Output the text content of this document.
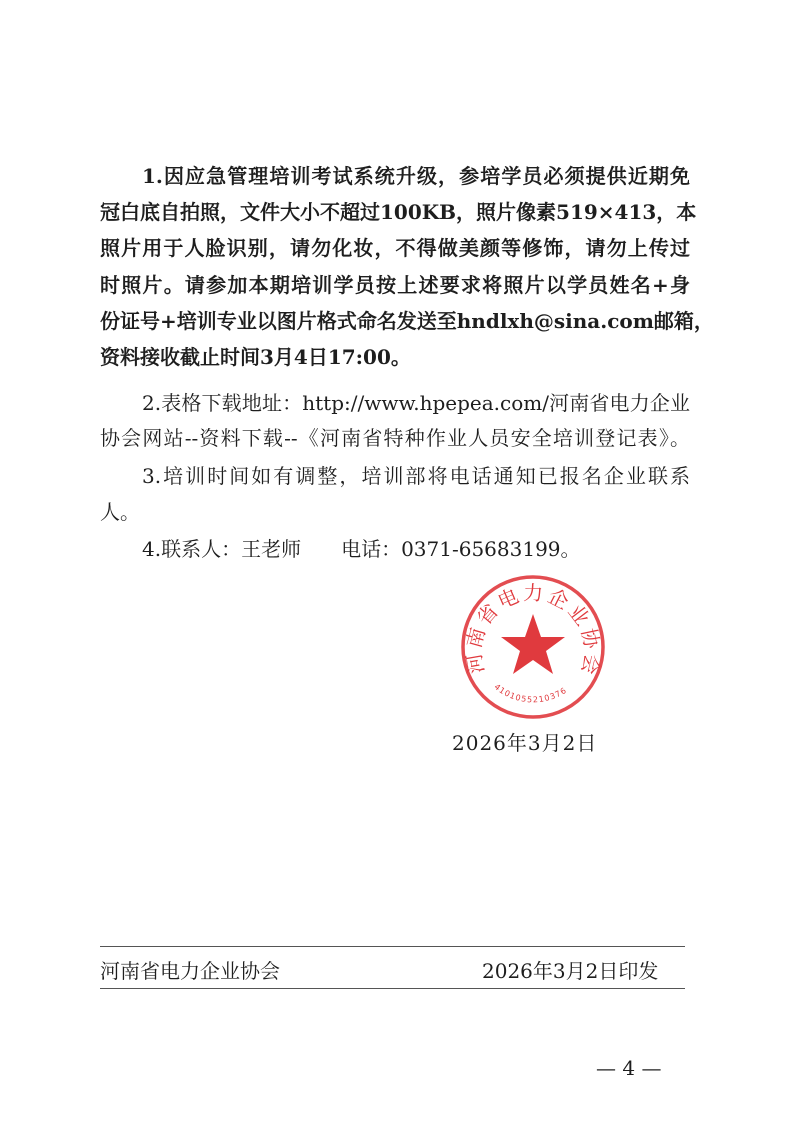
1.因应急管理培训考试系统升级，参培学员必须提供近期免
冠白底自拍照，文件大小不超过100KB，照片像素519×413，本
照片用于人脸识别，请勿化妆，不得做美颜等修饰，请勿上传过
时照片。请参加本期培训学员按上述要求将照片以学员姓名+身
份证号+培训专业以图片格式命名发送至hndlxh@sina.com邮箱，
资料接收截止时间3月4日17:00。
2.表格下载地址：http://www.hpepea.com/河南省电力企业
协会网站--资料下载--《河南省特种作业人员安全培训登记表》。
3.培训时间如有调整，培训部将电话通知已报名企业联系
人。
4.联系人：王老师　　电话：0371-65683199。
河南省电力企业协会
4101055210376
2026年3月2日
河南省电力企业协会	2026年3月2日印发
— 4 —
